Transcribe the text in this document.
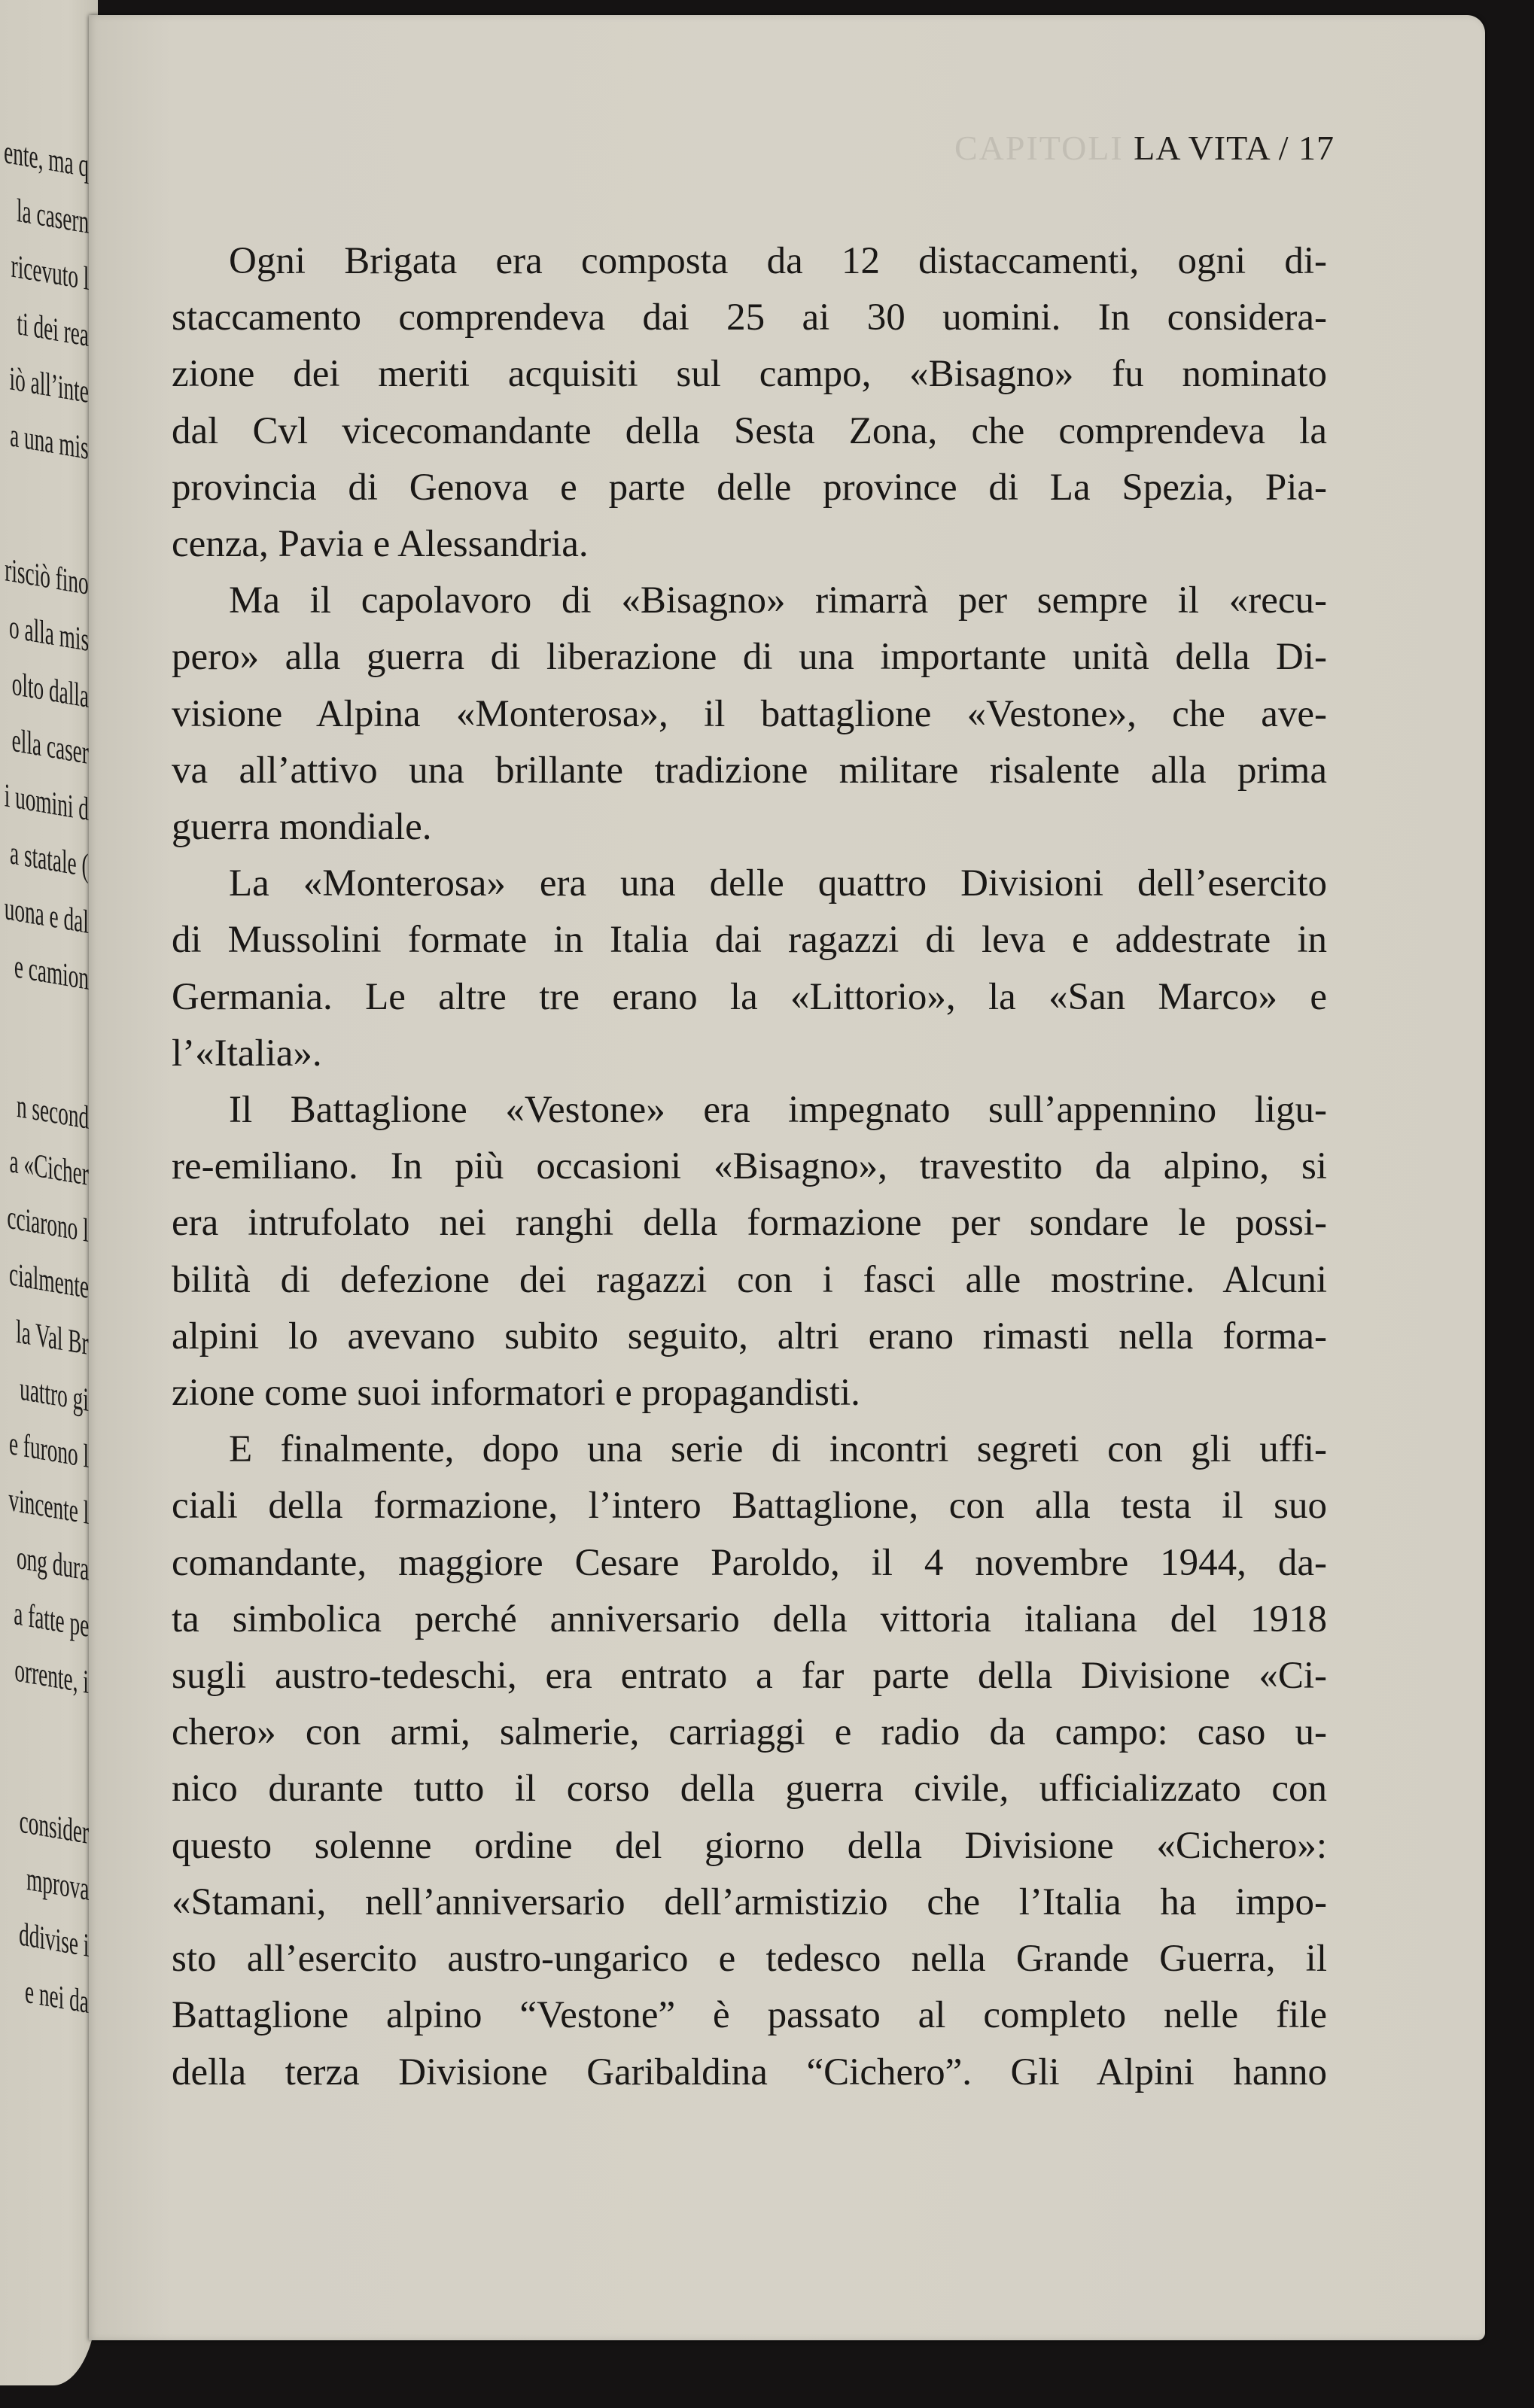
ente, ma q
la casern
ricevuto l
ti dei rea
iò all’inte
a una mis
risciò fino
o alla mis
olto dalla
ella caser
i uomini d
a statale (
uona e dal
e camion
n second
a «Cicher
cciarono l
cialmente
la Val Br
uattro gi
e furono l
vincente l
ong dura
a fatte pe
orrente, i
consider
mprova
ddivise i
e nei da
CAPITOLI LA VITA / 17

Ogni Brigata era composta da 12 distaccamenti, ogni di-
staccamento comprendeva dai 25 ai 30 uomini. In considera-
zione dei meriti acquisiti sul campo, «Bisagno» fu nominato
dal Cvl vicecomandante della Sesta Zona, che comprendeva la
provincia di Genova e parte delle province di La Spezia, Pia-
cenza, Pavia e Alessandria.

Ma il capolavoro di «Bisagno» rimarrà per sempre il «recu-
pero» alla guerra di liberazione di una importante unità della Di-
visione Alpina «Monterosa», il battaglione «Vestone», che ave-
va all’attivo una brillante tradizione militare risalente alla prima
guerra mondiale.

La «Monterosa» era una delle quattro Divisioni dell’esercito
di Mussolini formate in Italia dai ragazzi di leva e addestrate in
Germania. Le altre tre erano la «Littorio», la «San Marco» e
l’«Italia».

Il Battaglione «Vestone» era impegnato sull’appennino ligu-
re-emiliano. In più occasioni «Bisagno», travestito da alpino, si
era intrufolato nei ranghi della formazione per sondare le possi-
bilità di defezione dei ragazzi con i fasci alle mostrine. Alcuni
alpini lo avevano subito seguito, altri erano rimasti nella forma-
zione come suoi informatori e propagandisti.

E finalmente, dopo una serie di incontri segreti con gli uffi-
ciali della formazione, l’intero Battaglione, con alla testa il suo
comandante, maggiore Cesare Paroldo, il 4 novembre 1944, da-
ta simbolica perché anniversario della vittoria italiana del 1918
sugli austro-tedeschi, era entrato a far parte della Divisione «Ci-
chero» con armi, salmerie, carriaggi e radio da campo: caso u-
nico durante tutto il corso della guerra civile, ufficializzato con
questo solenne ordine del giorno della Divisione «Cichero»:
«Stamani, nell’anniversario dell’armistizio che l’Italia ha impo-
sto all’esercito austro-ungarico e tedesco nella Grande Guerra, il
Battaglione alpino “Vestone” è passato al completo nelle file
della terza Divisione Garibaldina “Cichero”. Gli Alpini hanno
